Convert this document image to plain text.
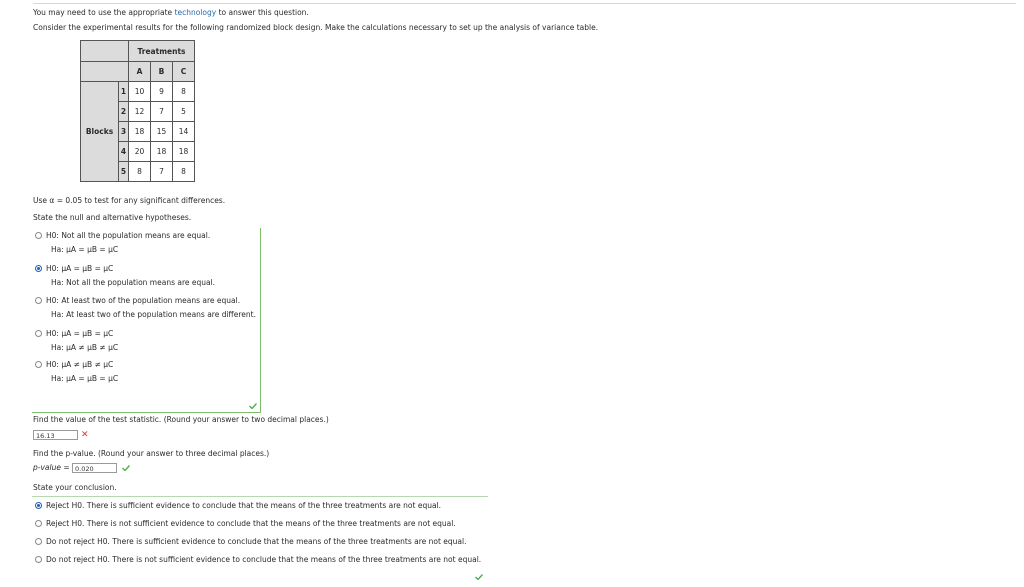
You may need to use the appropriate technology to answer this question.
Consider the experimental results for the following randomized block design. Make the calculations necessary to set up the analysis of variance table.
		Treatments		
		A	B	C
Blocks	1	10	9	8
	2	12	7	5
	3	18	15	14
	4	20	18	18
	5	8	7	8
Use α = 0.05 to test for any significant differences.
State the null and alternative hypotheses.
H0: Not all the population means are equal.
Ha: μA = μB = μC
H0: μA = μB = μC
Ha: Not all the population means are equal.
H0: At least two of the population means are equal.
Ha: At least two of the population means are different.
H0: μA = μB = μC
Ha: μA ≠ μB ≠ μC
H0: μA ≠ μB ≠ μC
Ha: μA = μB = μC
Find the value of the test statistic. (Round your answer to two decimal places.)
16.13	✕
Find the p-value. (Round your answer to three decimal places.)
p-value = 0.020
State your conclusion.
Reject H0. There is sufficient evidence to conclude that the means of the three treatments are not equal.
Reject H0. There is not sufficient evidence to conclude that the means of the three treatments are not equal.
Do not reject H0. There is sufficient evidence to conclude that the means of the three treatments are not equal.
Do not reject H0. There is not sufficient evidence to conclude that the means of the three treatments are not equal.
